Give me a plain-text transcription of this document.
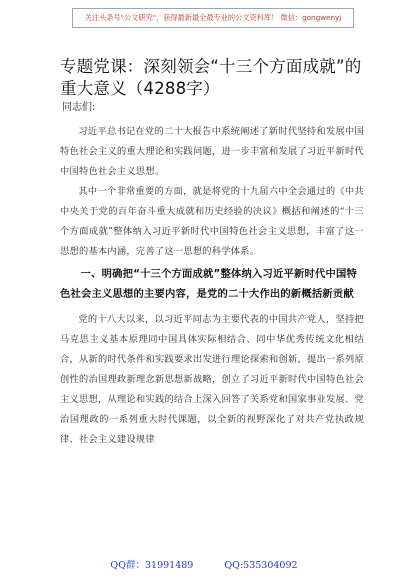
关注头条号"公文研究"，获得最新最全最专业的公文资料库！ 微信：gongwenyj
专题党课：深刻领会“十三个方面成就”的重大意义（4288字）

同志们:

习近平总书记在党的二十大报告中系统阐述了新时代坚持和发展中国特色社会主义的重大理论和实践问题，进一步丰富和发展了习近平新时代中国特色社会主义思想。

其中一个非常重要的方面，就是将党的十九届六中全会通过的《中共中央关于党的百年奋斗重大成就和历史经验的决议》概括和阐述的“十三个方面成就”整体纳入习近平新时代中国特色社会主义思想，丰富了这一思想的基本内涵，完善了这一思想的科学体系。

一、明确把“十三个方面成就”整体纳入习近平新时代中国特色社会主义思想的主要内容，是党的二十大作出的新概括新贡献

党的十八大以来，以习近平同志为主要代表的中国共产党人，坚持把马克思主义基本原理同中国具体实际相结合、同中华优秀传统文化相结合，从新的时代条件和实践要求出发进行理论探索和创新，提出一系列原创性的治国理政新理念新思想新战略，创立了习近平新时代中国特色社会主义思想，从理论和实践的结合上深入回答了关系党和国家事业发展、党治国理政的一系列重大时代课题，以全新的视野深化了对共产党执政规律、社会主义建设规律

QQ群：31991489	QQ:535304092
